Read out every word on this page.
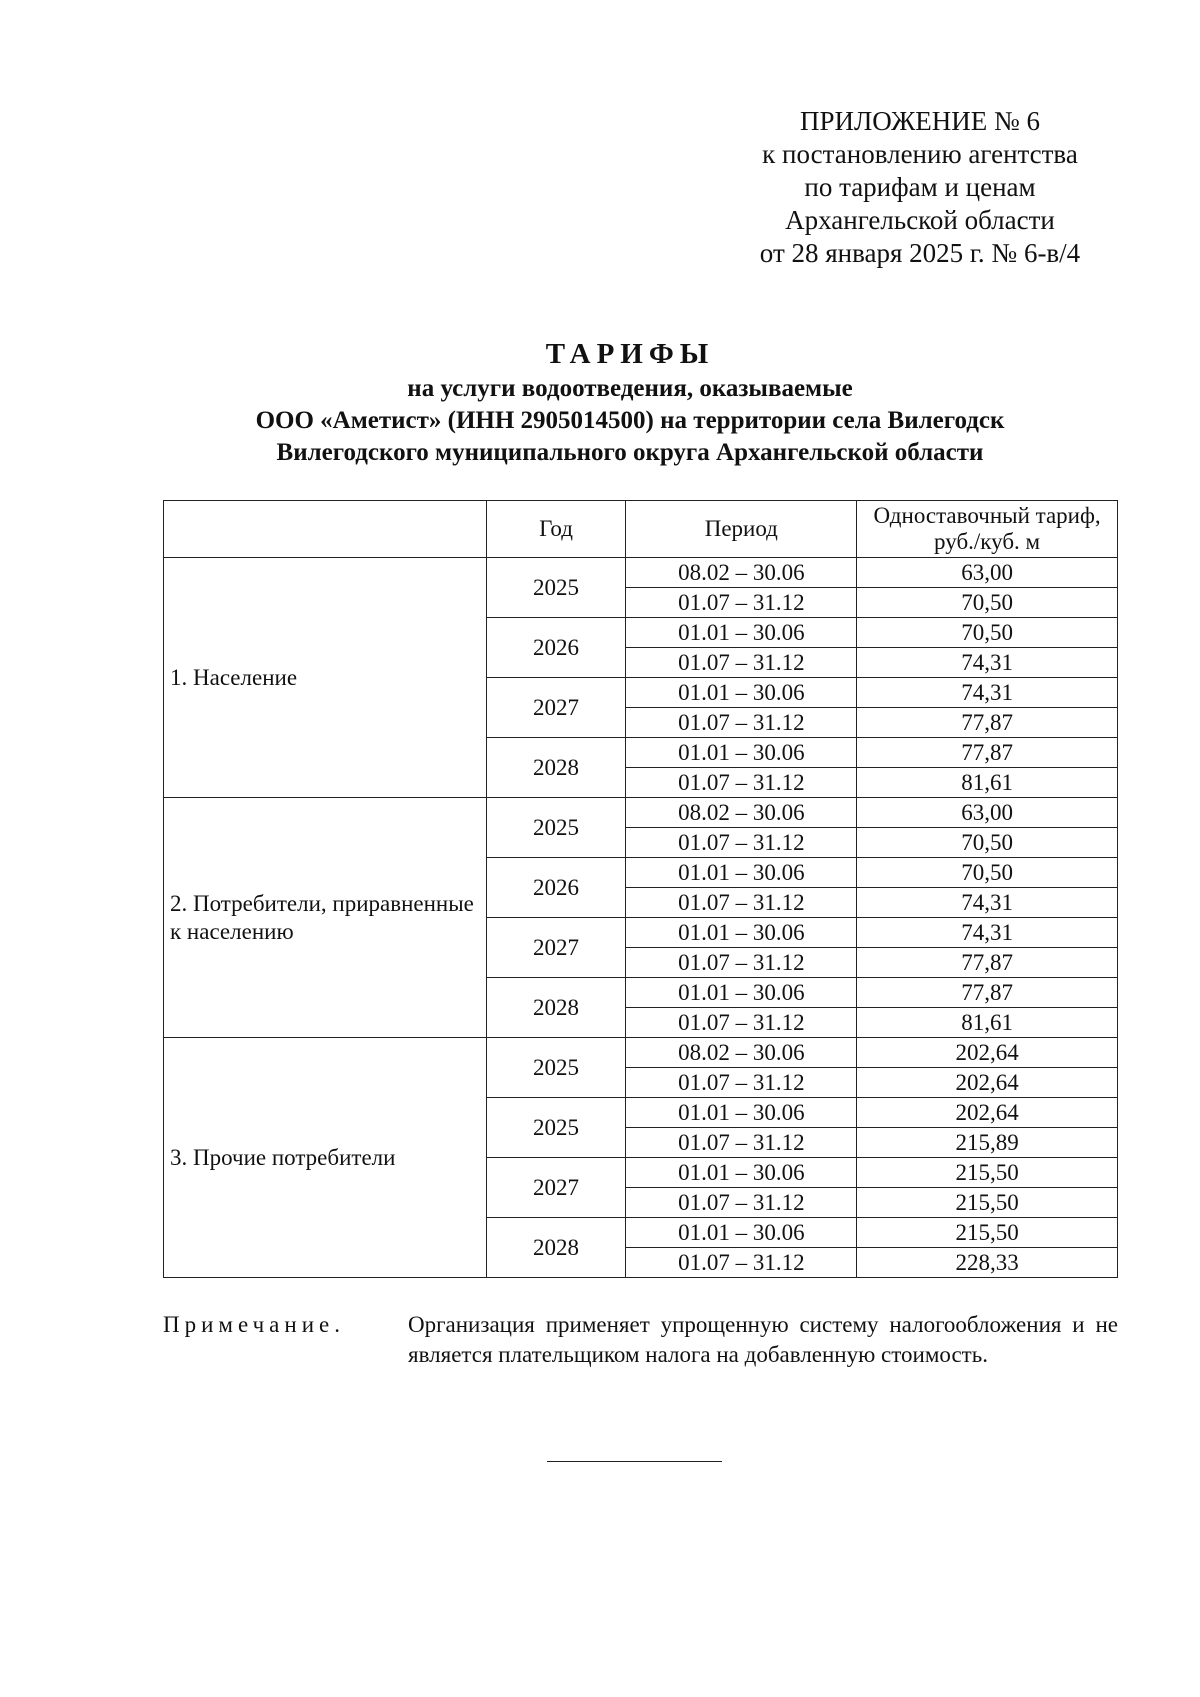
ПРИЛОЖЕНИЕ № 6
к постановлению агентства
по тарифам и ценам
Архангельской области
от 28 января 2025 г. № 6-в/4
ТАРИФЫ
на услуги водоотведения, оказываемые
ООО «Аметист» (ИНН 2905014500) на территории села Вилегодск
Вилегодского муниципального округа Архангельской области
	Год	Период	Одноставочный тариф, руб./куб. м
1. Население	2025	08.02 – 30.06	63,00
		01.07 – 31.12	70,50
	2026	01.01 – 30.06	70,50
		01.07 – 31.12	74,31
	2027	01.01 – 30.06	74,31
		01.07 – 31.12	77,87
	2028	01.01 – 30.06	77,87
		01.07 – 31.12	81,61
2. Потребители, приравненные к населению	2025	08.02 – 30.06	63,00
		01.07 – 31.12	70,50
	2026	01.01 – 30.06	70,50
		01.07 – 31.12	74,31
	2027	01.01 – 30.06	74,31
		01.07 – 31.12	77,87
	2028	01.01 – 30.06	77,87
		01.07 – 31.12	81,61
3. Прочие потребители	2025	08.02 – 30.06	202,64
		01.07 – 31.12	202,64
	2025	01.01 – 30.06	202,64
		01.07 – 31.12	215,89
	2027	01.01 – 30.06	215,50
		01.07 – 31.12	215,50
	2028	01.01 – 30.06	215,50
		01.07 – 31.12	228,33
Примечание.	Организация применяет упрощенную систему налогообложения и не является плательщиком налога на добавленную стоимость.
